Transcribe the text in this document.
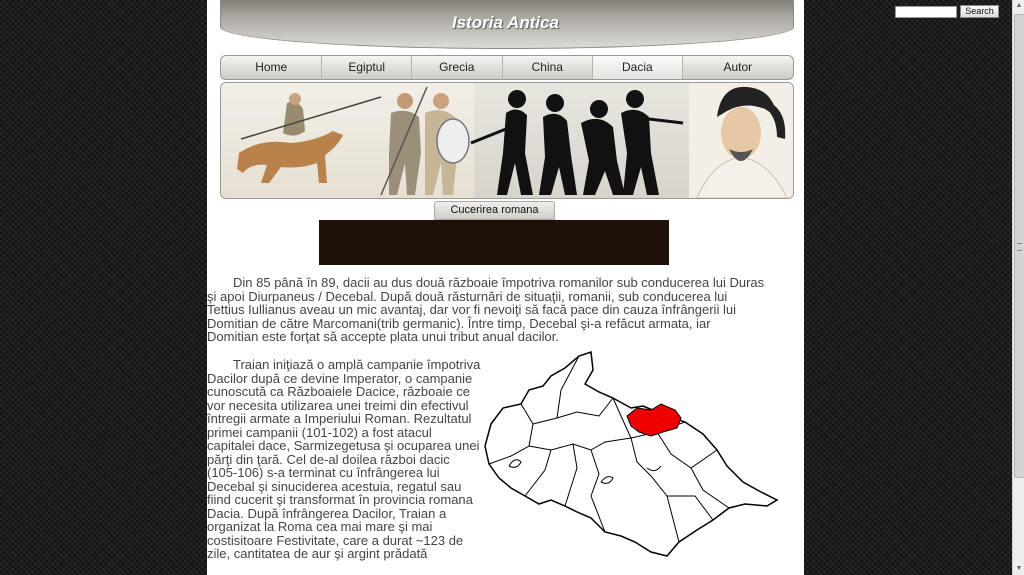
Istoria Antica
Home	Egiptul	Grecia	China	Dacia	Autor
Cucerirea romana

Din 85 până în 89, dacii au dus două războaie împotriva romanilor sub conducerea lui Duras şi apoi Diurpaneus / Decebal. După două răsturnări de situaţii, romanii, sub conducerea lui Tettius Iullianus aveau un mic avantaj, dar vor fi nevoiţi să facă pace din cauza înfrângerii lui Domitian de către Marcomani(trib germanic). Între timp, Decebal şi-a refăcut armata, iar Domitian este forţat să accepte plata unui tribut anual dacilor.

Traian iniţiază o amplă campanie împotriva Dacilor după ce devine Imperator, o campanie cunoscută ca Războaiele Dacice, războaie ce vor necesita utilizarea unei treimi din efectivul întregii armate a Imperiului Roman. Rezultatul primei campanii (101-102) a fost atacul capitalei dace, Sarmizegetusa şi ocuparea unei părţi din ţară. Cel de-al doilea război dacic (105-106) s-a terminat cu înfrângerea lui Decebal şi sinuciderea acestuia, regatul sau fiind cucerit şi transformat în provincia romana Dacia. După înfrângerea Dacilor, Traian a organizat la Roma cea mai mare şi mai costisitoare Festivitate, care a durat ~123 de zile, cantitatea de aur şi argint prădată

Search
▲
▼
